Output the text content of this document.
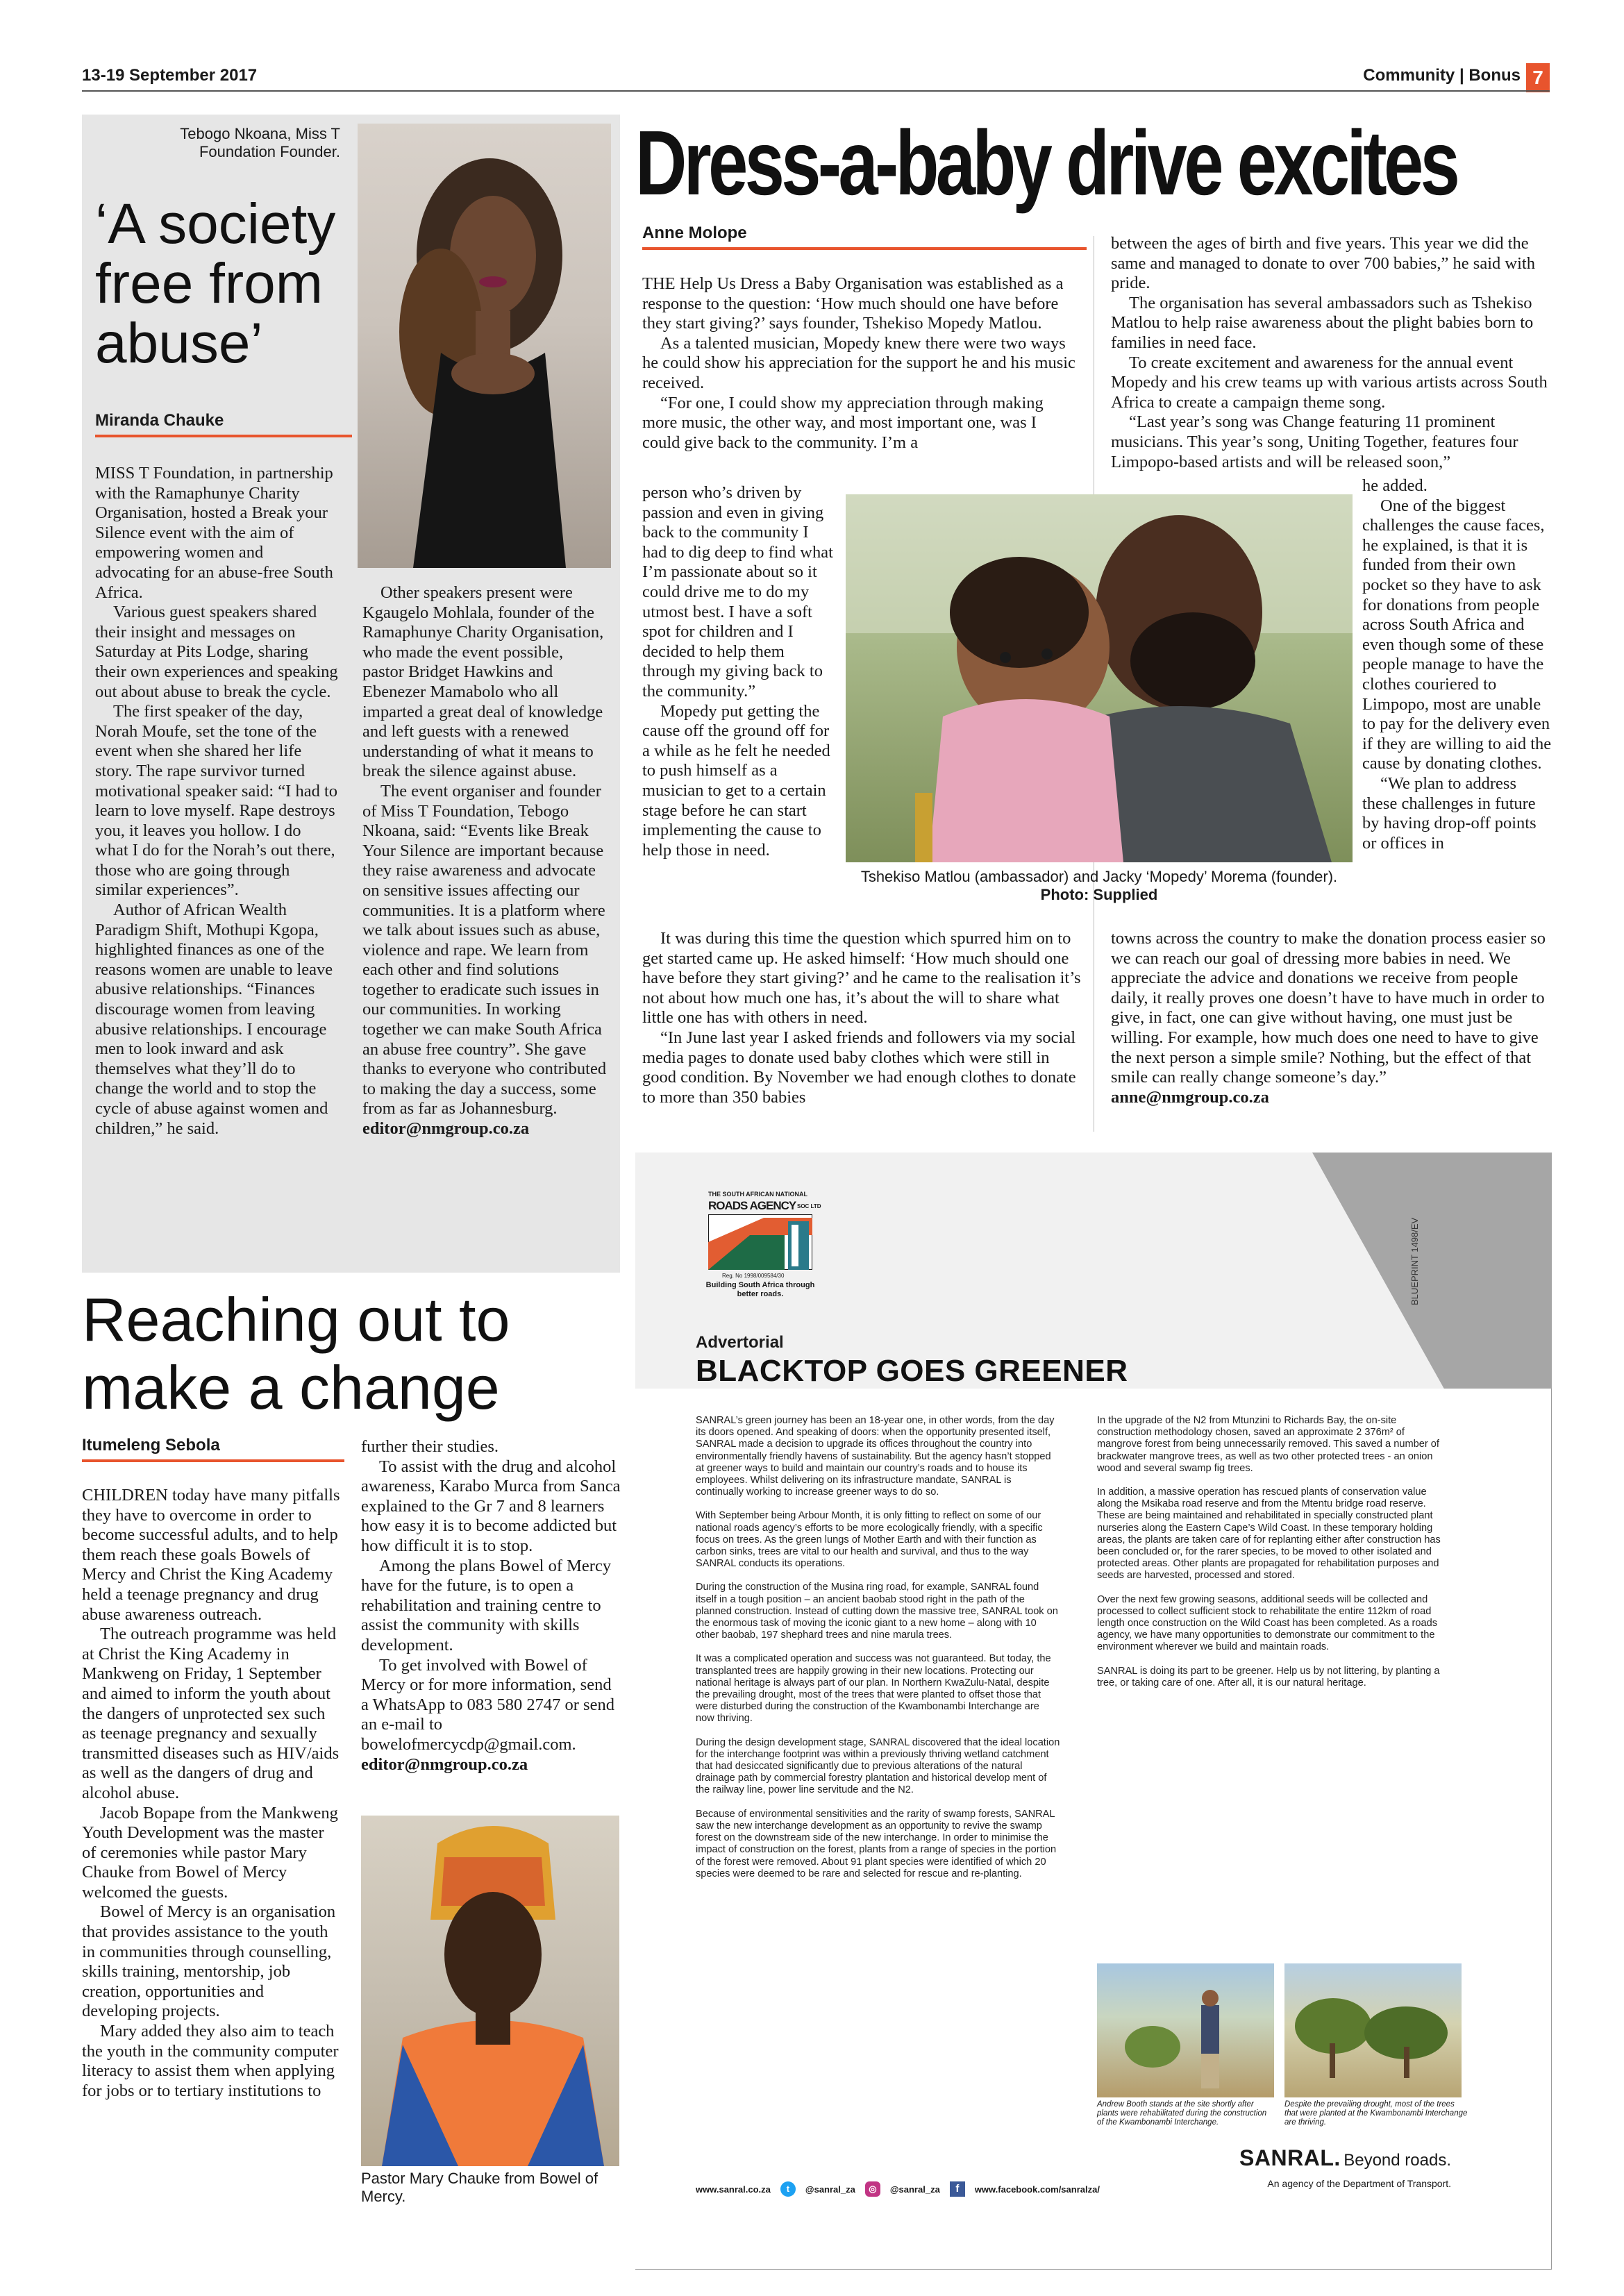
13-19 September 2017	Community | Bonus 7
Tebogo Nkoana, Miss T Foundation Founder.
‘A society free from abuse’
Miranda Chauke

MISS T Foundation, in partnership with the Ramaphunye Charity Organisation, hosted a Break your Silence event with the aim of empowering women and advocating for an abuse-free South Africa.

Various guest speakers shared their insight and messages on Saturday at Pits Lodge, sharing their own experiences and speaking out about abuse to break the cycle.

The first speaker of the day, Norah Moufe, set the tone of the event when she shared her life story. The rape survivor turned motivational speaker said: “I had to learn to love myself. Rape destroys you, it leaves you hollow. I do what I do for the Norah’s out there, those who are going through similar experiences”.

Author of African Wealth Paradigm Shift, Mothupi Kgopa, highlighted finances as one of the reasons women are unable to leave abusive relationships. “Finances discourage women from leaving abusive relationships. I encourage men to look inward and ask themselves what they’ll do to change the world and to stop the cycle of abuse against women and children,” he said.

Other speakers present were Kgaugelo Mohlala, founder of the Ramaphunye Charity Organisation, who made the event possible, pastor Bridget Hawkins and Ebenezer Mamabolo who all imparted a great deal of knowledge and left guests with a renewed understanding of what it means to break the silence against abuse.

The event organiser and founder of Miss T Foundation, Tebogo Nkoana, said: “Events like Break Your Silence are important because they raise awareness and advocate on sensitive issues affecting our communities. It is a platform where we talk about issues such as abuse, violence and rape. We learn from each other and find solutions together to eradicate such issues in our communities. In working together we can make South Africa an abuse free country”. She gave thanks to everyone who contributed to making the day a success, some from as far as Johannesburg.

editor@nmgroup.co.za

Dress-a-baby drive excites
Anne Molope

THE Help Us Dress a Baby Organisation was established as a response to the question: ‘How much should one have before they start giving?’ says founder, Tshekiso Mopedy Matlou.

As a talented musician, Mopedy knew there were two ways he could show his appreciation for the support he and his music received.

“For one, I could show my appreciation through making more music, the other way, and most important one, was I could give back to the community. I’m a

person who’s driven by passion and even in giving back to the community I had to dig deep to find what I’m passionate about so it could drive me to do my utmost best. I have a soft spot for children and I decided to help them through my giving back to the community.”

Mopedy put getting the cause off the ground off for a while as he felt he needed to push himself as a musician to get to a certain stage before he can start implementing the cause to help those in need.

It was during this time the question which spurred him on to get started came up. He asked himself: ‘How much should one have before they start giving?’ and he came to the realisation it’s not about how much one has, it’s about the will to share what little one has with others in need.

“In June last year I asked friends and followers via my social media pages to donate used baby clothes which were still in good condition. By November we had enough clothes to donate to more than 350 babies

between the ages of birth and five years. This year we did the same and managed to donate to over 700 babies,” he said with pride.

The organisation has several ambassadors such as Tshekiso Matlou to help raise awareness about the plight babies born to families in need face.

To create excitement and awareness for the annual event Mopedy and his crew teams up with various artists across South Africa to create a campaign theme song.

“Last year’s song was Change featuring 11 prominent musicians. This year’s song, Uniting Together, features four Limpopo-based artists and will be released soon,”

he added.

One of the biggest challenges the cause faces, he explained, is that it is funded from their own pocket so they have to ask for donations from people across South Africa and even though some of these people manage to have the clothes couriered to Limpopo, most are unable to pay for the delivery even if they are willing to aid the cause by donating clothes.

“We plan to address these challenges in future by having drop-off points or offices in

towns across the country to make the donation process easier so we can reach our goal of dressing more babies in need. We appreciate the advice and donations we receive from people daily, it really proves one doesn’t have to have much in order to give, in fact, one can give without having, one must just be willing. For example, how much does one need to have to give the next person a simple smile? Nothing, but the effect of that smile can really change someone’s day.”

anne@nmgroup.co.za

Tshekiso Matlou (ambassador) and Jacky ‘Mopedy’ Morema (founder). Photo: Supplied
Reaching out to make a change
Itumeleng Sebola

CHILDREN today have many pitfalls they have to overcome in order to become successful adults, and to help them reach these goals Bowels of Mercy and Christ the King Academy held a teenage pregnancy and drug abuse awareness outreach.

The outreach programme was held at Christ the King Academy in Mankweng on Friday, 1 September and aimed to inform the youth about the dangers of unprotected sex such as teenage pregnancy and sexually transmitted diseases such as HIV/aids as well as the dangers of drug and alcohol abuse.

Jacob Bopape from the Mankweng Youth Development was the master of ceremonies while pastor Mary Chauke from Bowel of Mercy welcomed the guests.

Bowel of Mercy is an organisation that provides assistance to the youth in communities through counselling, skills training, mentorship, job creation, opportunities and developing projects.

Mary added they also aim to teach the youth in the community computer literacy to assist them when applying for jobs or to tertiary institutions to

further their studies.

To assist with the drug and alcohol awareness, Karabo Murca from Sanca explained to the Gr 7 and 8 learners how easy it is to become addicted but how difficult it is to stop.

Among the plans Bowel of Mercy have for the future, is to open a rehabilitation and training centre to assist the community with skills development.

To get involved with Bowel of Mercy or for more information, send a WhatsApp to 083 580 2747 or send an e-mail to bowelofmercycdp@gmail.com.

editor@nmgroup.co.za

Pastor Mary Chauke from Bowel of Mercy.
BLUEPRINT 1498/EV
THE SOUTH AFRICAN NATIONAL
ROADS AGENCY SOC LTD
Reg. No 1998/009584/30
Building South Africa through better roads.
Advertorial
BLACKTOP GOES GREENER

SANRAL’s green journey has been an 18-year one, in other words, from the day its doors opened. And speaking of doors: when the opportunity presented itself, SANRAL made a decision to upgrade its offices throughout the country into environmentally friendly havens of sustainability. But the agency hasn’t stopped at greener ways to build and maintain our country’s roads and to house its employees. Whilst delivering on its infrastructure mandate, SANRAL is continually working to increase greener ways to do so.

With September being Arbour Month, it is only fitting to reflect on some of our national roads agency’s efforts to be more ecologically friendly, with a specific focus on trees. As the green lungs of Mother Earth and with their function as carbon sinks, trees are vital to our health and survival, and thus to the way SANRAL conducts its operations.

During the construction of the Musina ring road, for example, SANRAL found itself in a tough position – an ancient baobab stood right in the path of the planned construction. Instead of cutting down the massive tree, SANRAL took on the enormous task of moving the iconic giant to a new home – along with 10 other baobab, 197 shephard trees and nine marula trees.

It was a complicated operation and success was not guaranteed. But today, the transplanted trees are happily growing in their new locations. Protecting our national heritage is always part of our plan. In Northern KwaZulu-Natal, despite the prevailing drought, most of the trees that were planted to offset those that were disturbed during the construction of the Kwambonambi Interchange are now thriving.

During the design development stage, SANRAL discovered that the ideal location for the interchange footprint was within a previously thriving wetland catchment that had desiccated significantly due to previous alterations of the natural drainage path by commercial forestry plantation and historical develop ment of the railway line, power line servitude and the N2.

Because of environmental sensitivities and the rarity of swamp forests, SANRAL saw the new interchange development as an opportunity to revive the swamp forest on the downstream side of the new interchange. In order to minimise the impact of construction on the forest, plants from a range of species in the portion of the forest were removed. About 91 plant species were identified of which 20 species were deemed to be rare and selected for rescue and re-planting.

In the upgrade of the N2 from Mtunzini to Richards Bay, the on-site construction methodology chosen, saved an approximate 2 376m² of mangrove forest from being unnecessarily removed. This saved a number of brackwater mangrove trees, as well as two other protected trees - an onion wood and several swamp fig trees.

In addition, a massive operation has rescued plants of conservation value along the Msikaba road reserve and from the Mtentu bridge road reserve. These are being maintained and rehabilitated in specially constructed plant nurseries along the Eastern Cape’s Wild Coast. In these temporary holding areas, the plants are taken care of for replanting either after construction has been concluded or, for the rarer species, to be moved to other isolated and protected areas. Other plants are propagated for rehabilitation purposes and seeds are harvested, processed and stored.

Over the next few growing seasons, additional seeds will be collected and processed to collect sufficient stock to rehabilitate the entire 112km of road length once construction on the Wild Coast has been completed. As a roads agency, we have many opportunities to demonstrate our commitment to the environment wherever we build and maintain roads.

SANRAL is doing its part to be greener. Help us by not littering, by planting a tree, or taking care of one. After all, it is our natural heritage.

Andrew Booth stands at the site shortly after plants were rehabilitated during the construction of the Kwambonambi Interchange.
Despite the prevailing drought, most of the trees that were planted at the Kwambonambi Interchange are thriving.
SANRAL. Beyond roads.
An agency of the Department of Transport.
www.sanral.co.za	t	@sanral_za	◎	@sanral_za	f	www.facebook.com/sanralza/
